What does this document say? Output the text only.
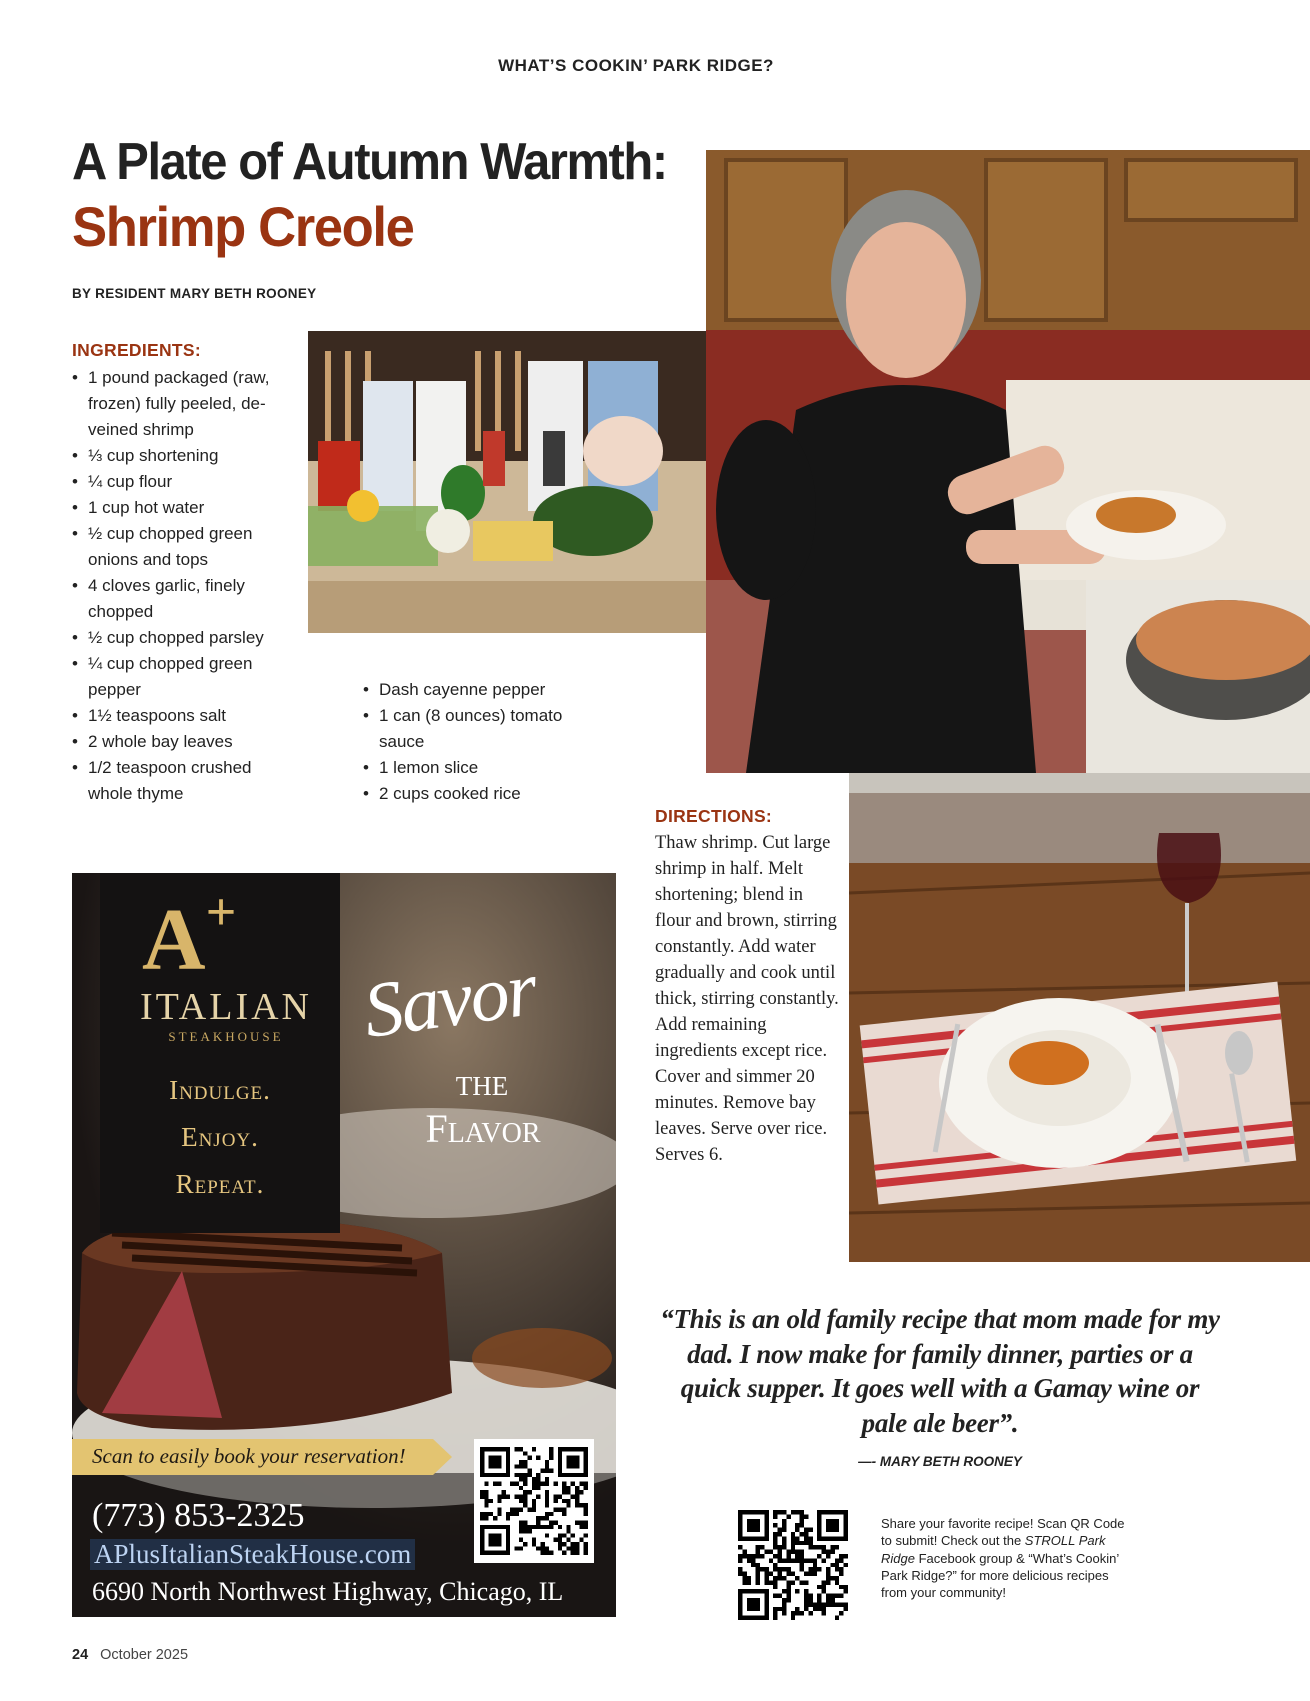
WHAT’S COOKIN’ PARK RIDGE?
A Plate of Autumn Warmth:
Shrimp Creole
BY RESIDENT MARY BETH ROONEY
INGREDIENTS:
• 1 pound packaged (raw, frozen) fully peeled, de-veined shrimp
• ⅓ cup shortening
• ¼ cup flour
• 1 cup hot water
• ½ cup chopped green onions and tops
• 4 cloves garlic, finely chopped
• ½ cup chopped parsley
• ¼ cup chopped green pepper
• 1½ teaspoons salt
• 2 whole bay leaves
• 1/2 teaspoon crushed whole thyme
• Dash cayenne pepper
• 1 can (8 ounces) tomato sauce
• 1 lemon slice
• 2 cups cooked rice
DIRECTIONS:
Thaw shrimp. Cut large shrimp in half. Melt shortening; blend in flour and brown, stirring constantly. Add water gradually and cook until thick, stirring constantly. Add remaining ingredients except rice. Cover and simmer 20 minutes. Remove bay leaves. Serve over rice. Serves 6.
A+
ITALIAN
STEAKHOUSE
Indulge.
Enjoy.
Repeat.
Savor
the
Flavor
Scan to easily book your reservation!
(773) 853-2325
APlusItalianSteakHouse.com
6690 North Northwest Highway, Chicago, IL
“This is an old family recipe that mom made for my dad. I now make for family dinner, parties or a quick supper. It goes well with a Gamay wine or pale ale beer”.
—- MARY BETH ROONEY
Share your favorite recipe! Scan QR Code to submit! Check out the STROLL Park Ridge Facebook group & “What’s Cookin’ Park Ridge?” for more delicious recipes from your community!
24 October 2025
